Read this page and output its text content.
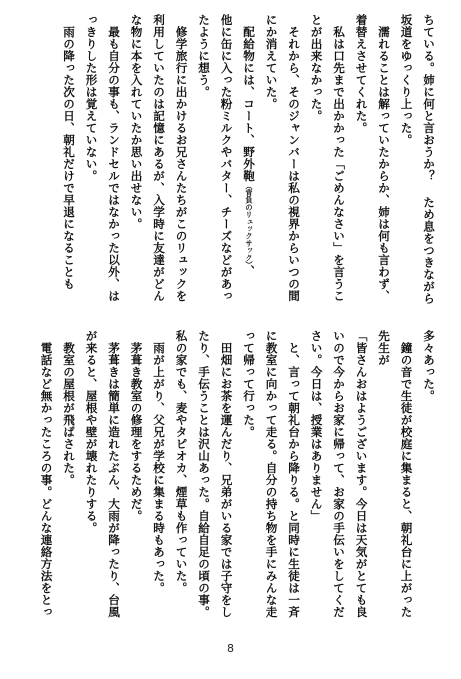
ちている。姉に何と言おうか？ ため息をつきながら
坂道をゆっくり上った。
　濡れることは解っていたからか、姉は何も言わず、
着替えさせてくれた。
　私は口先まで出かかった「ごめんなさい」を言うこ
とが出来なかった。
　それから、そのジャンバーは私の視界からいつの間
にか消えていた。
　配給物には、コート、野外鞄（背負のリュックサック）、
他に缶に入った粉ミルクやバター、チーズなどがあっ
たように想う。
　修学旅行に出かけるお兄さんたちがこのリュックを
利用していたのは記憶にあるが、入学時に友達がどん
な物に本を入れていたか思い出せない。
　最も自分の事も、ランドセルではなかった以外、は
っきりした形は覚えていない。
　雨の降った次の日、朝礼だけで早退になることも
多々あった。
　鐘の音で生徒が校庭に集まると、朝礼台に上がった
先生が
「皆さんおはようございます。今日は天気がとても良
いので今からお家に帰って、お家の手伝いをしてくだ
さい。今日は、授業はありません」
　と、言って朝礼台から降りる。と同時に生徒は一斉
に教室に向かって走る。自分の持ち物を手にみんな走
って帰って行った。
　田畑にお茶を運んだり、兄弟がいる家では子守をし
たり、手伝うことは沢山あった。自給自足の頃の事。
私の家でも、麦やタピオカ、煙草も作っていた。
　雨が上がり、父兄が学校に集まる時もあった。
　茅葺き教室の修理をするためだ。
　茅葺きは簡単に造れたぶん、大雨が降ったり、台風
が来ると、屋根や壁が壊れたりする。
　教室の屋根が飛ばされた。
　電話など無かったころの事。どんな連絡方法をとっ
8
